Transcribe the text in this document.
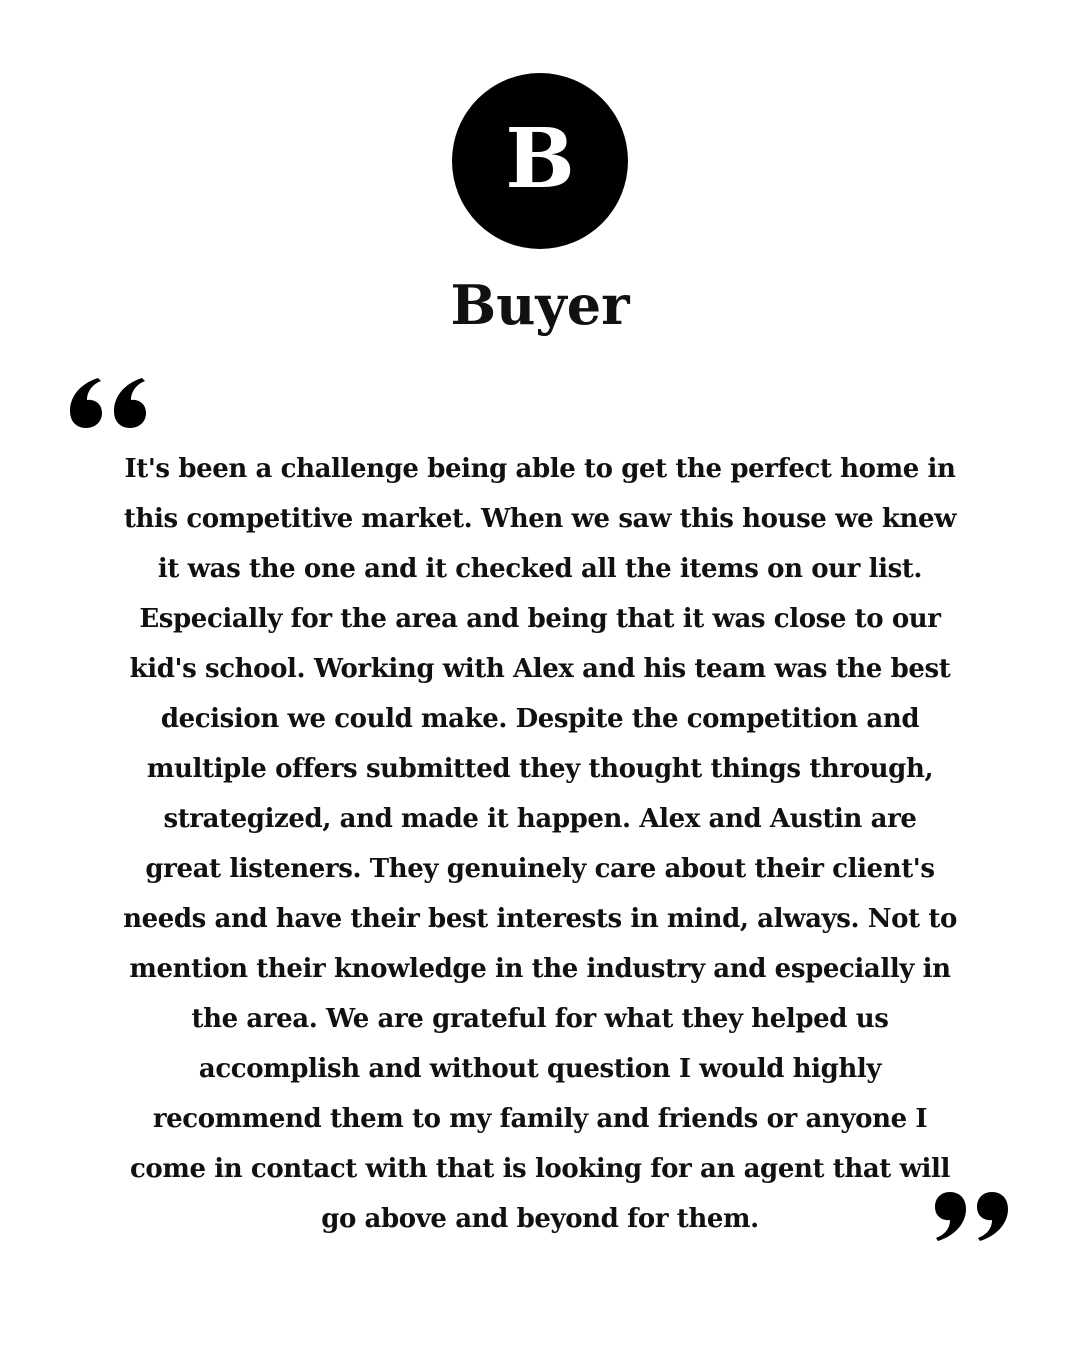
B
Buyer
It's been a challenge being able to get the perfect home in
this competitive market. When we saw this house we knew
it was the one and it checked all the items on our list.
Especially for the area and being that it was close to our
kid's school. Working with Alex and his team was the best
decision we could make. Despite the competition and
multiple offers submitted they thought things through,
strategized, and made it happen. Alex and Austin are
great listeners. They genuinely care about their client's
needs and have their best interests in mind, always. Not to
mention their knowledge in the industry and especially in
the area. We are grateful for what they helped us
accomplish and without question I would highly
recommend them to my family and friends or anyone I
come in contact with that is looking for an agent that will
go above and beyond for them.
